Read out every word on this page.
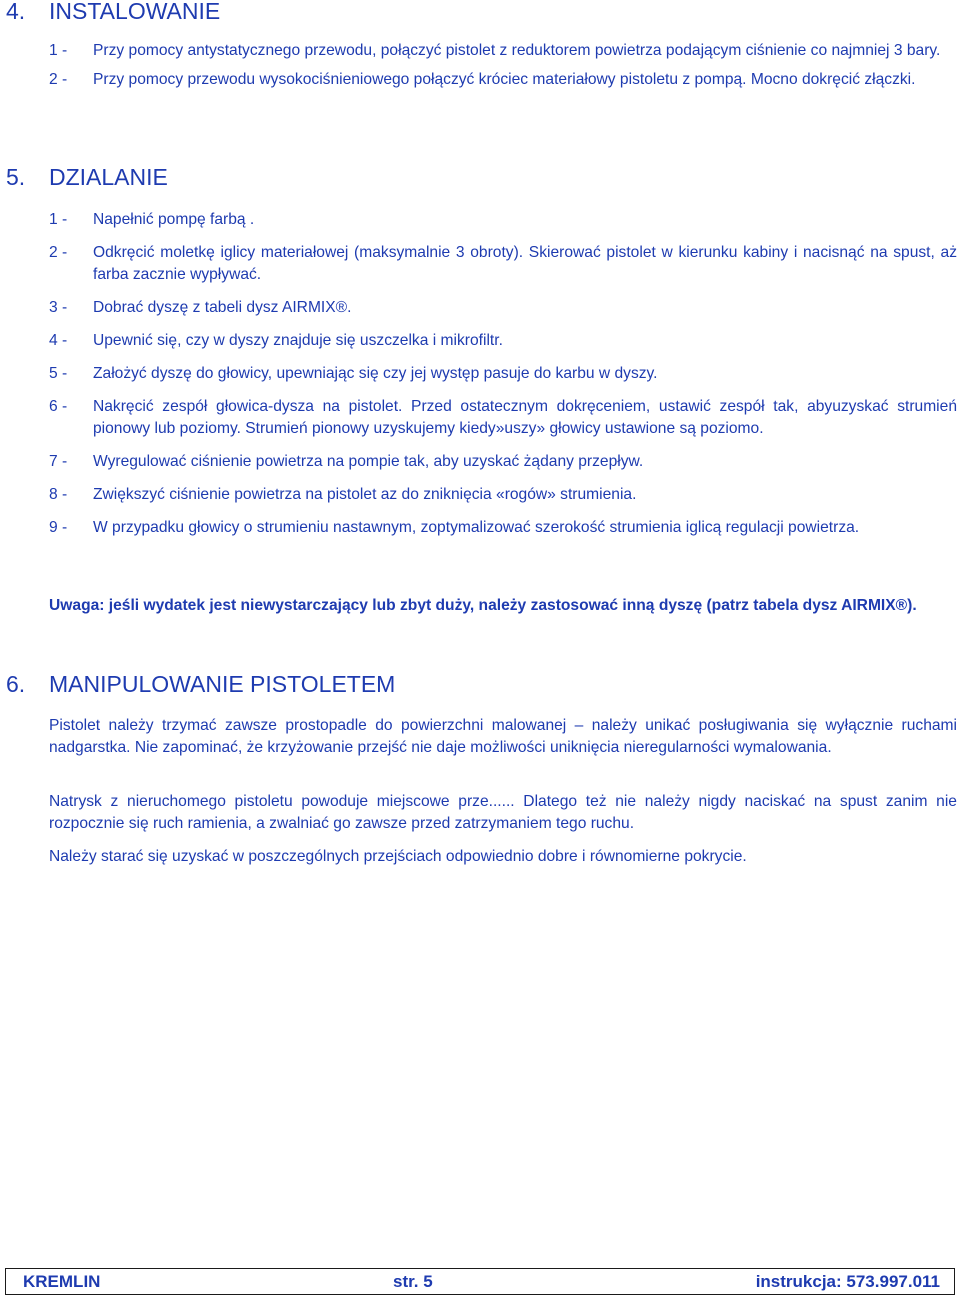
4. INSTALOWANIE
1 -	Przy pomocy antystatycznego przewodu, połączyć pistolet z reduktorem powietrza podającym ciśnienie co najmniej 3 bary.
2 -	Przy pomocy przewodu wysokociśnieniowego połączyć króciec materiałowy pistoletu z pompą. Mocno dokręcić złączki.
5. DZIALANIE
1 -	Napełnić pompę farbą .
2 -	Odkręcić moletkę iglicy materiałowej (maksymalnie 3 obroty). Skierować pistolet w kierunku kabiny i nacisnąć na spust, aż farba zacznie wypływać.
3 -	Dobrać dyszę z tabeli dysz AIRMIX®.
4 -	Upewnić się, czy w dyszy znajduje się uszczelka i mikrofiltr.
5 -	Założyć dyszę do głowicy, upewniając się czy jej występ pasuje do karbu w dyszy.
6 -	Nakręcić zespół głowica-dysza na pistolet. Przed ostatecznym dokręceniem, ustawić zespół tak, abyuzyskać strumień pionowy lub poziomy. Strumień pionowy uzyskujemy kiedy»uszy» głowicy ustawione są poziomo.
7 -	Wyregulować ciśnienie powietrza na pompie tak, aby uzyskać żądany przepływ.
8 -	Zwiększyć ciśnienie powietrza na pistolet az do zniknięcia «rogów» strumienia.
9 -	W przypadku głowicy o strumieniu nastawnym, zoptymalizować szerokość strumienia iglicą regulacji powietrza.

Uwaga: jeśli wydatek jest niewystarczający lub zbyt duży, należy zastosować inną dyszę (patrz tabela dysz AIRMIX®).

6. MANIPULOWANIE PISTOLETEM

Pistolet należy trzymać zawsze prostopadle do powierzchni malowanej – należy unikać posługiwania się wyłącznie ruchami nadgarstka. Nie zapominać, że krzyżowanie przejść nie daje możliwości uniknięcia nieregularności wymalowania.

Natrysk z nieruchomego pistoletu powoduje miejscowe prze...... Dlatego też nie należy nigdy naciskać na spust zanim nie rozpocznie się ruch ramienia, a zwalniać go zawsze przed zatrzymaniem tego ruchu.

Należy starać się uzyskać w poszczególnych przejściach odpowiednio dobre i równomierne pokrycie.

KREMLIN	str. 5	instrukcja: 573.997.011
